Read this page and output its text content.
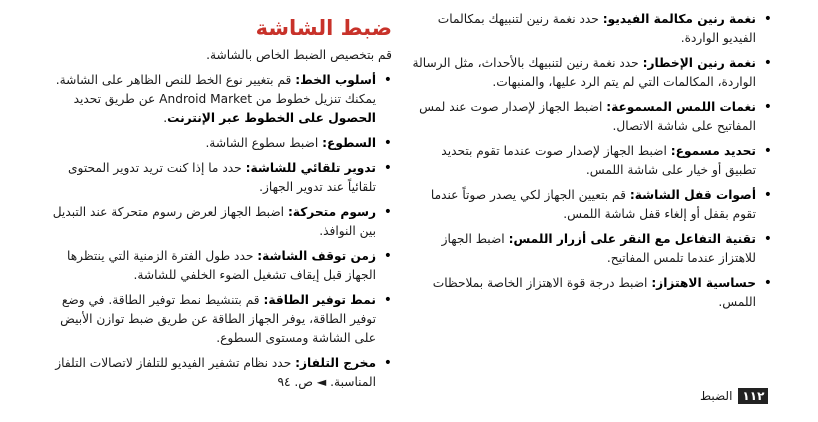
• نغمة رنين مكالمة الفيديو: حدد نغمة رنين لتنبيهك بمكالمات الفيديو الواردة.
• نغمة رنين الإخطار: حدد نغمة رنين لتنبيهك بالأحداث، مثل الرسالة الواردة، المكالمات التي لم يتم الرد عليها، والمنبهات.
• نغمات اللمس المسموعة: اضبط الجهاز لإصدار صوت عند لمس المفاتيح على شاشة الاتصال.
• تحديد مسموع: اضبط الجهاز لإصدار صوت عندما تقوم بتحديد تطبيق أو خيار على شاشة اللمس.
• أصوات قفل الشاشة: قم بتعيين الجهاز لكي يصدر صوتاً عندما تقوم بقفل أو إلغاء قفل شاشة اللمس.
• تقنية التفاعل مع النقر على أزرار اللمس: اضبط الجهاز للاهتزاز عندما تلمس المفاتيح.
• حساسية الاهتزاز: اضبط درجة قوة الاهتزاز الخاصة بملاحظات اللمس.
ضبط الشاشة
قم بتخصيص الضبط الخاص بالشاشة.
• أسلوب الخط: قم بتغيير نوع الخط للنص الظاهر على الشاشة. يمكنك تنزيل خطوط من Android Market عن طريق تحديد الحصول على الخطوط عبر الإنترنت.
• السطوع: اضبط سطوع الشاشة.
• تدوير تلقائي للشاشة: حدد ما إذا كنت تريد تدوير المحتوى تلقائياً عند تدوير الجهاز.
• رسوم متحركة: اضبط الجهاز لعرض رسوم متحركة عند التبديل بين النوافذ.
• زمن توقف الشاشة: حدد طول الفترة الزمنية التي ينتظرها الجهاز قبل إيقاف تشغيل الضوء الخلفي للشاشة.
• نمط توفير الطاقة: قم بتنشيط نمط توفير الطاقة. في وضع توفير الطاقة، يوفر الجهاز الطاقة عن طريق ضبط توازن الأبيض على الشاشة ومستوى السطوع.
• مخرج التلفاز: حدد نظام تشفير الفيديو للتلفاز لاتصالات التلفاز المناسبة. ◄ ص. ٩٤
١١٢
الضبط
